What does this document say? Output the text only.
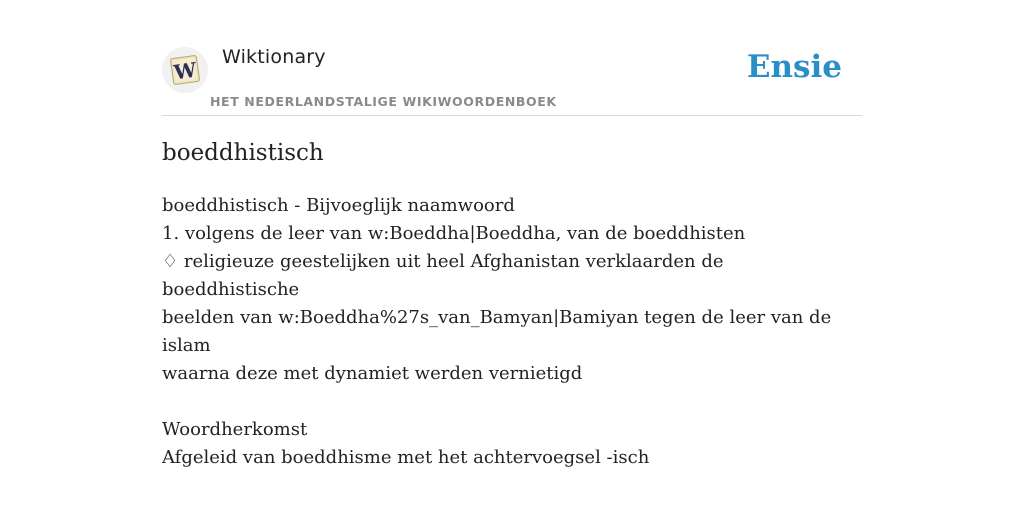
W
Wiktionary
HET NEDERLANDSTALIGE WIKIWOORDENBOEK
Ensie
boeddhistisch
boeddhistisch - Bijvoeglijk naamwoord
1. volgens de leer van w:Boeddha|Boeddha, van de boeddhisten
♢ religieuze geestelijken uit heel Afghanistan verklaarden de boeddhistische
beelden van w:Boeddha%27s_van_Bamyan|Bamiyan tegen de leer van de islam
waarna deze met dynamiet werden vernietigd
Woordherkomst
Afgeleid van boeddhisme met het achtervoegsel -isch
